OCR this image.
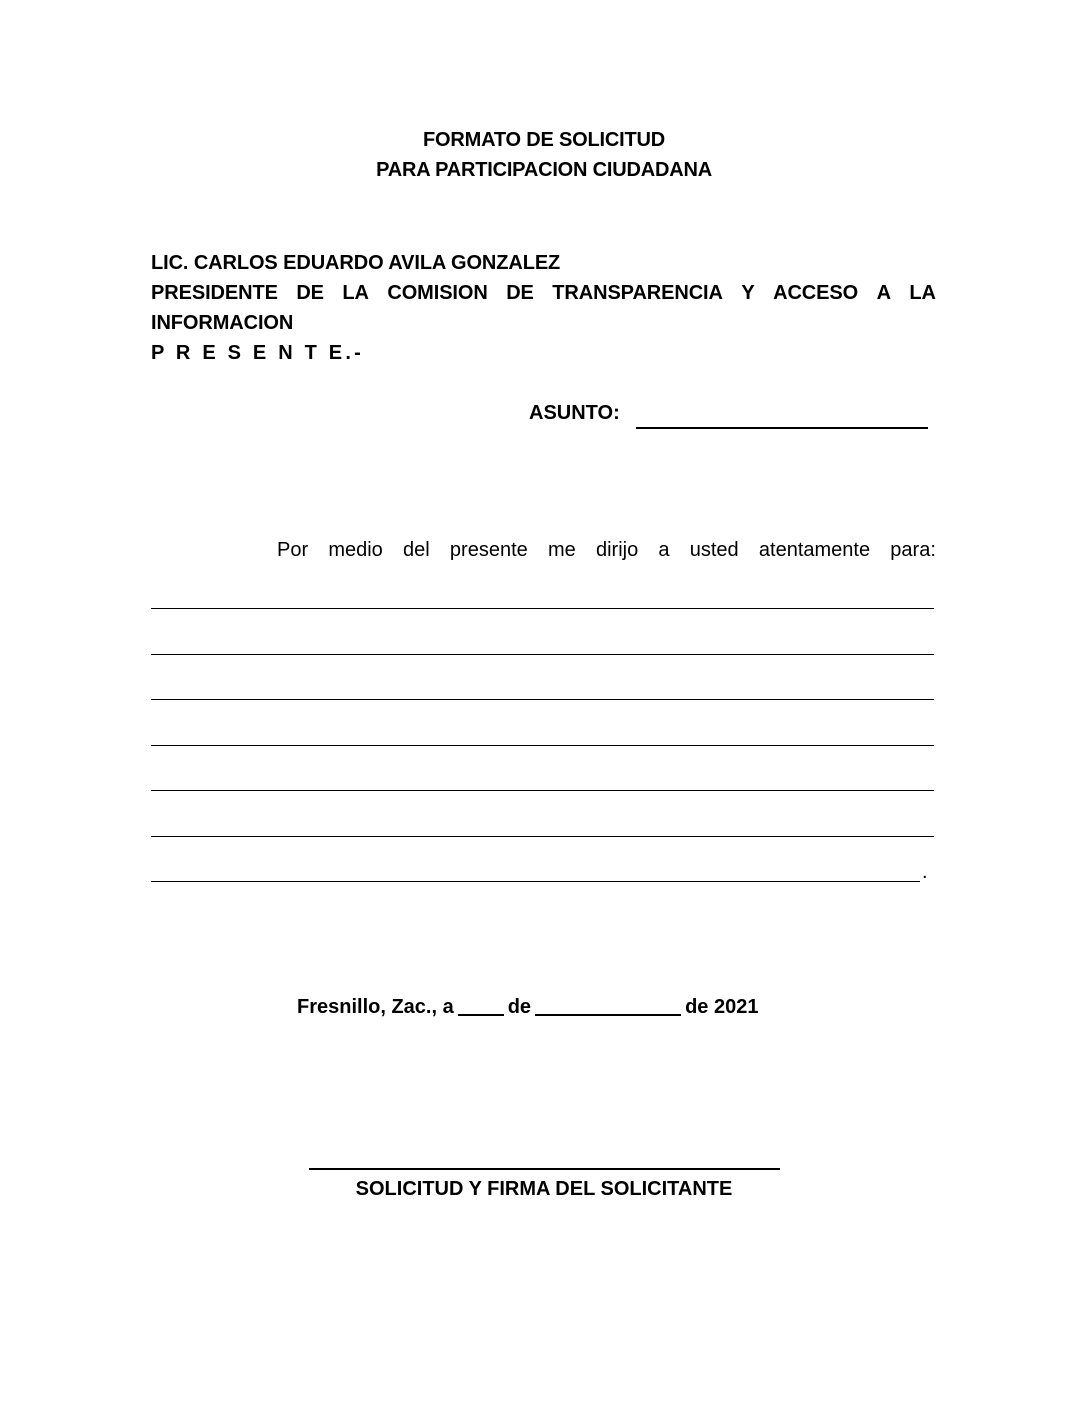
FORMATO DE SOLICITUD
PARA PARTICIPACION CIUDADANA
LIC. CARLOS EDUARDO AVILA GONZALEZ
PRESIDENTE DE LA COMISION DE TRANSPARENCIA Y ACCESO A LA
INFORMACION
P R E S E N T E.-
ASUNTO:
Por medio del presente me dirijo a usted atentamente para:
.
Fresnillo, Zac., a	de	de 2021
SOLICITUD Y FIRMA DEL SOLICITANTE
